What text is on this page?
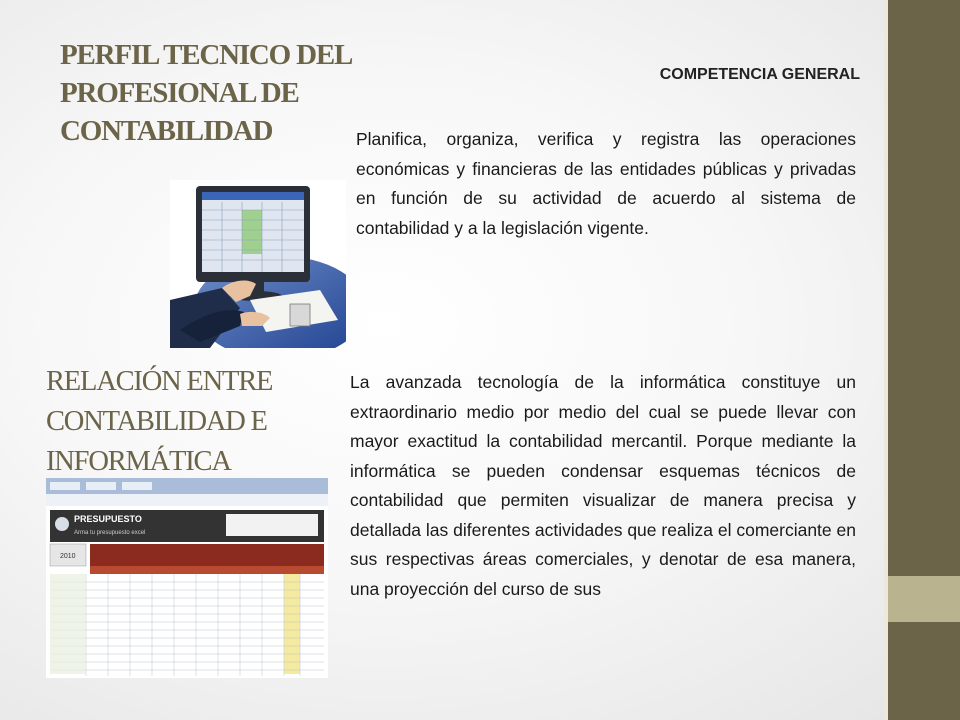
PERFIL TECNICO DEL PROFESIONAL DE CONTABILIDAD
COMPETENCIA GENERAL
Planifica, organiza, verifica y registra las operaciones económicas y financieras de las entidades públicas y privadas en función de su actividad de acuerdo al sistema de contabilidad y a la legislación vigente.
RELACIÓN ENTRE CONTABILIDAD E INFORMÁTICA
La avanzada tecnología de la informática constituye un extraordinario medio por medio del cual se puede llevar con mayor exactitud la contabilidad mercantil. Porque mediante la informática se pueden condensar esquemas técnicos de contabilidad que permiten visualizar de manera precisa y detallada las diferentes actividades que realiza el comerciante en sus respectivas áreas comerciales, y denotar de esa manera, una proyección del curso de sus
PRESUPUESTO
Arma tu presupuesto excel
2010
